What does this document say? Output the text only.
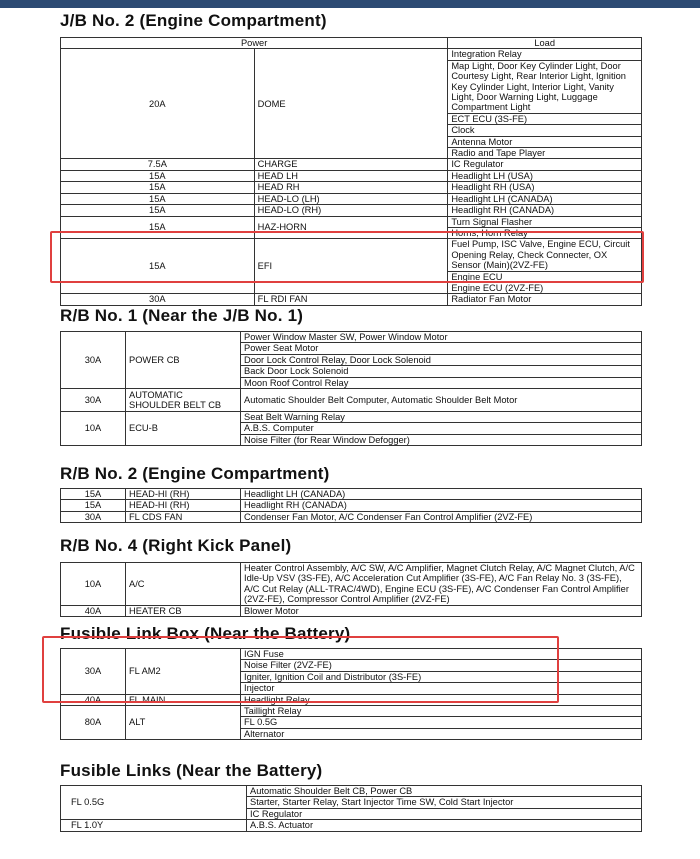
J/B No. 2 (Engine Compartment)
Power		Load
20A	DOME	Integration Relay
		Map Light, Door Key Cylinder Light, Door Courtesy Light, Rear Interior Light, Ignition Key Cylinder Light, Interior Light, Vanity Light, Door Warning Light, Luggage Compartment Light
		ECT ECU (3S-FE)
		Clock
		Antenna Motor
		Radio and Tape Player
7.5A	CHARGE	IC Regulator
15A	HEAD LH	Headlight LH (USA)
15A	HEAD RH	Headlight RH (USA)
15A	HEAD-LO (LH)	Headlight LH (CANADA)
15A	HEAD-LO (RH)	Headlight RH (CANADA)
15A	HAZ-HORN	Turn Signal Flasher
		Horns, Horn Relay
15A	EFI	Fuel Pump, ISC Valve, Engine ECU, Circuit Opening Relay, Check Connecter, OX Sensor (Main)(2VZ-FE)
		Engine ECU
		Engine ECU (2VZ-FE)
30A	FL RDI FAN	Radiator Fan Motor
R/B No. 1 (Near the J/B No. 1)
30A	POWER CB	Power Window Master SW, Power Window Motor
		Power Seat Motor
		Door Lock Control Relay, Door Lock Solenoid
		Back Door Lock Solenoid
		Moon Roof Control Relay
30A	AUTOMATIC SHOULDER BELT CB	Automatic Shoulder Belt Computer, Automatic Shoulder Belt Motor
10A	ECU-B	Seat Belt Warning Relay
		A.B.S. Computer
		Noise Filter (for Rear Window Defogger)
R/B No. 2 (Engine Compartment)
15A	HEAD-HI (RH)	Headlight LH (CANADA)
15A	HEAD-HI (RH)	Headlight RH (CANADA)
30A	FL CDS FAN	Condenser Fan Motor, A/C Condenser Fan Control Amplifier (2VZ-FE)
R/B No. 4 (Right Kick Panel)
10A	A/C	Heater Control Assembly, A/C SW, A/C Amplifier, Magnet Clutch Relay, A/C Magnet Clutch, A/C Idle-Up VSV (3S-FE), A/C Acceleration Cut Amplifier (3S-FE), A/C Fan Relay No. 3 (3S-FE), A/C Cut Relay (ALL-TRAC/4WD), Engine ECU (3S-FE), A/C Condenser Fan Control Amplifier (2VZ-FE), Compressor Control Amplifier (2VZ-FE)
40A	HEATER CB	Blower Motor
Fusible Link Box (Near the Battery)
30A	FL AM2	IGN Fuse
		Noise Filter (2VZ-FE)
		Igniter, Ignition Coil and Distributor (3S-FE)
		Injector
40A	FL MAIN	Headlight Relay
80A	ALT	Taillight Relay
		FL 0.5G
		Alternator
Fusible Links (Near the Battery)
FL 0.5G	Automatic Shoulder Belt CB, Power CB
	Starter, Starter Relay, Start Injector Time SW, Cold Start Injector
	IC Regulator
FL 1.0Y	A.B.S. Actuator
